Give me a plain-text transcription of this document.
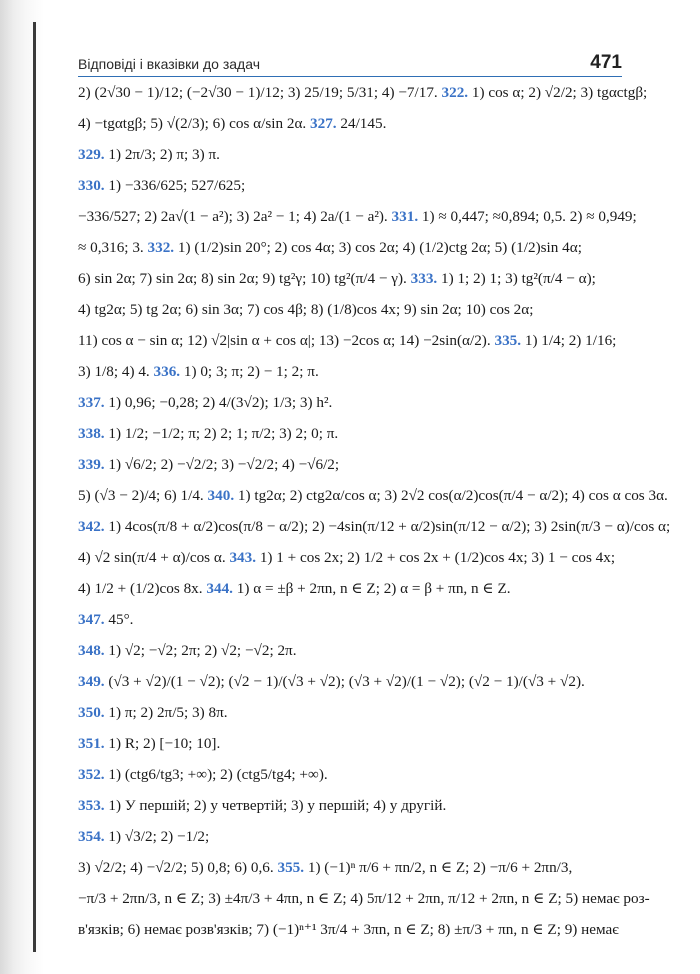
Відповіді і вказівки до задач	471
2) (2√30 − 1)/12; (−2√30 − 1)/12; 3) 25/19; 5/31; 4) −7/17. 322. 1) cos α; 2) √2/2; 3) tgαctgβ;
4) −tgαtgβ; 5) √(2/3); 6) cos α/sin 2α. 327. 24/145.
329. 1) 2π/3; 2) π; 3) π.
330. 1) −336/625; 527/625;
−336/527; 2) 2a√(1 − a²); 3) 2a² − 1; 4) 2a/(1 − a²). 331. 1) ≈ 0,447; ≈0,894; 0,5. 2) ≈ 0,949;
≈ 0,316; 3. 332. 1) (1/2)sin 20°; 2) cos 4α; 3) cos 2α; 4) (1/2)ctg 2α; 5) (1/2)sin 4α;
6) sin 2α; 7) sin 2α; 8) sin 2α; 9) tg²γ; 10) tg²(π/4 − γ). 333. 1) 1; 2) 1; 3) tg²(π/4 − α);
4) tg2α; 5) tg 2α; 6) sin 3α; 7) cos 4β; 8) (1/8)cos 4x; 9) sin 2α; 10) cos 2α;
11) cos α − sin α; 12) √2|sin α + cos α|; 13) −2cos α; 14) −2sin(α/2). 335. 1) 1/4; 2) 1/16;
3) 1/8; 4) 4. 336. 1) 0; 3; π; 2) − 1; 2; π.
337. 1) 0,96; −0,28; 2) 4/(3√2); 1/3; 3) h².
338. 1) 1/2; −1/2; π; 2) 2; 1; π/2; 3) 2; 0; π.
339. 1) √6/2; 2) −√2/2; 3) −√2/2; 4) −√6/2;
5) (√3 − 2)/4; 6) 1/4. 340. 1) tg2α; 2) ctg2α/cos α; 3) 2√2 cos(α/2)cos(π/4 − α/2); 4) cos α cos 3α.
342. 1) 4cos(π/8 + α/2)cos(π/8 − α/2); 2) −4sin(π/12 + α/2)sin(π/12 − α/2); 3) 2sin(π/3 − α)/cos α;
4) √2 sin(π/4 + α)/cos α. 343. 1) 1 + cos 2x; 2) 1/2 + cos 2x + (1/2)cos 4x; 3) 1 − cos 4x;
4) 1/2 + (1/2)cos 8x. 344. 1) α = ±β + 2πn, n ∈ Z; 2) α = β + πn, n ∈ Z.
347. 45°.
348. 1) √2; −√2; 2π; 2) √2; −√2; 2π.
349. (√3 + √2)/(1 − √2); (√2 − 1)/(√3 + √2); (√3 + √2)/(1 − √2); (√2 − 1)/(√3 + √2).
350. 1) π; 2) 2π/5; 3) 8π.
351. 1) R; 2) [−10; 10].
352. 1) (ctg6/tg3; +∞); 2) (ctg5/tg4; +∞).
353. 1) У першій; 2) у четвертій; 3) у першій; 4) у другій.
354. 1) √3/2; 2) −1/2;
3) √2/2; 4) −√2/2; 5) 0,8; 6) 0,6. 355. 1) (−1)ⁿ π/6 + πn/2, n ∈ Z; 2) −π/6 + 2πn/3,
−π/3 + 2πn/3, n ∈ Z; 3) ±4π/3 + 4πn, n ∈ Z; 4) 5π/12 + 2πn, π/12 + 2πn, n ∈ Z; 5) немає роз-
в'язків; 6) немає розв'язків; 7) (−1)ⁿ⁺¹ 3π/4 + 3πn, n ∈ Z; 8) ±π/3 + πn, n ∈ Z; 9) немає
